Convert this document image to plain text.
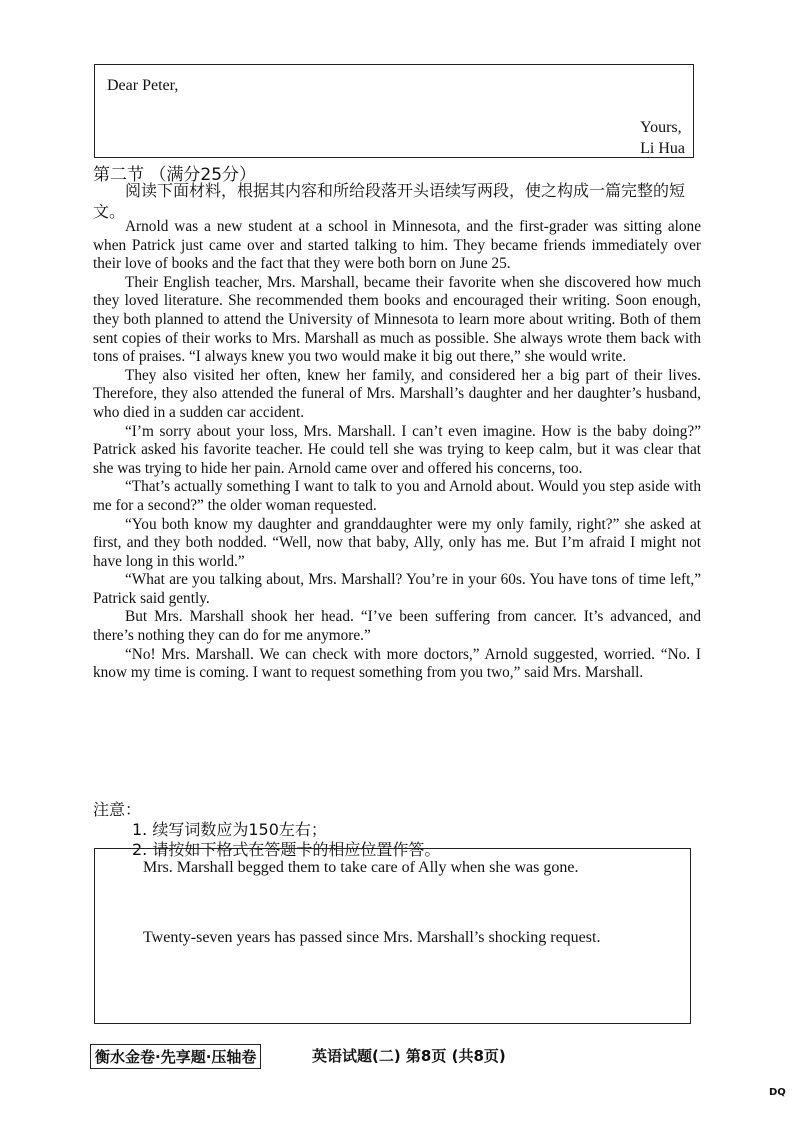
Dear Peter,
Yours,
Li Hua
第二节 （满分25分）
阅读下面材料，根据其内容和所给段落开头语续写两段，使之构成一篇完整的短文。

Arnold was a new student at a school in Minnesota, and the first-grader was sitting alone when Patrick just came over and started talking to him. They became friends immediately over their love of books and the fact that they were both born on June 25.

Their English teacher, Mrs. Marshall, became their favorite when she discovered how much they loved literature. She recommended them books and encouraged their writing. Soon enough, they both planned to attend the University of Minnesota to learn more about writing. Both of them sent copies of their works to Mrs. Marshall as much as possible. She always wrote them back with tons of praises. “I always knew you two would make it big out there,” she would write.

They also visited her often, knew her family, and considered her a big part of their lives. Therefore, they also attended the funeral of Mrs. Marshall’s daughter and her daughter’s husband, who died in a sudden car accident.

“I’m sorry about your loss, Mrs. Marshall. I can’t even imagine. How is the baby doing?” Patrick asked his favorite teacher. He could tell she was trying to keep calm, but it was clear that she was trying to hide her pain. Arnold came over and offered his concerns, too.

“That’s actually something I want to talk to you and Arnold about. Would you step aside with me for a second?” the older woman requested.

“You both know my daughter and granddaughter were my only family, right?” she asked at first, and they both nodded. “Well, now that baby, Ally, only has me. But I’m afraid I might not have long in this world.”

“What are you talking about, Mrs. Marshall? You’re in your 60s. You have tons of time left,” Patrick said gently.

But Mrs. Marshall shook her head. “I’ve been suffering from cancer. It’s advanced, and there’s nothing they can do for me anymore.”

“No! Mrs. Marshall. We can check with more doctors,” Arnold suggested, worried. “No. I know my time is coming. I want to request something from you two,” said Mrs. Marshall.

注意：
1. 续写词数应为150左右；
2. 请按如下格式在答题卡的相应位置作答。
Mrs. Marshall begged them to take care of Ally when she was gone.
Twenty-seven years has passed since Mrs. Marshall’s shocking request.
衡水金卷·先享题·压轴卷	英语试题(二) 第8页 (共8页)
DQ
